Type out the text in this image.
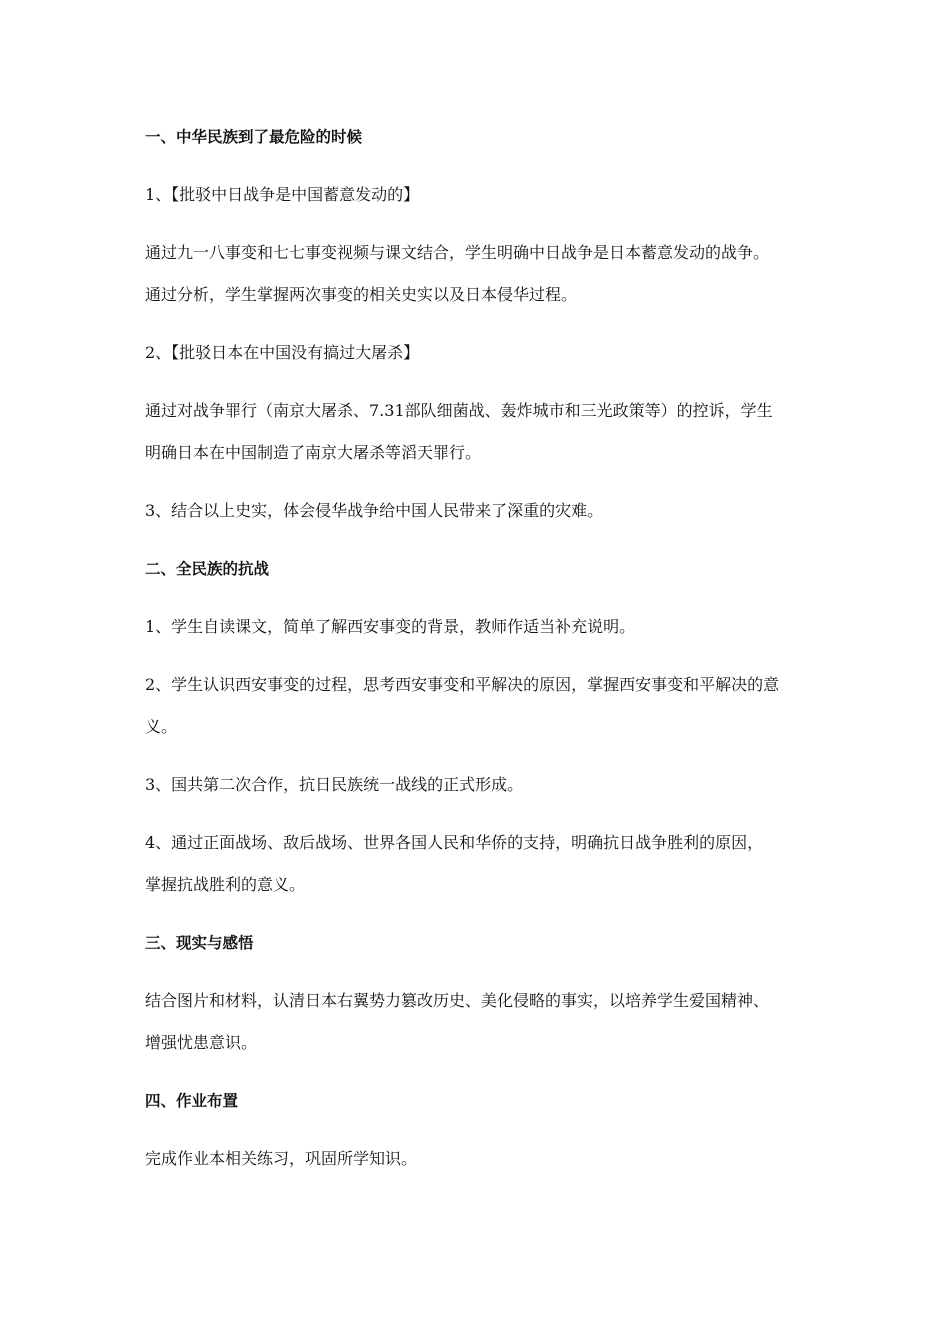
一、中华民族到了最危险的时候
1、【批驳中日战争是中国蓄意发动的】
通过九一八事变和七七事变视频与课文结合，学生明确中日战争是日本蓄意发动的战争。
通过分析，学生掌握两次事变的相关史实以及日本侵华过程。
2、【批驳日本在中国没有搞过大屠杀】
通过对战争罪行（南京大屠杀、7.31部队细菌战、轰炸城市和三光政策等）的控诉，学生
明确日本在中国制造了南京大屠杀等滔天罪行。
3、结合以上史实，体会侵华战争给中国人民带来了深重的灾难。
二、全民族的抗战
1、学生自读课文，简单了解西安事变的背景，教师作适当补充说明。
2、学生认识西安事变的过程，思考西安事变和平解决的原因，掌握西安事变和平解决的意
义。
3、国共第二次合作，抗日民族统一战线的正式形成。
4、通过正面战场、敌后战场、世界各国人民和华侨的支持，明确抗日战争胜利的原因，
掌握抗战胜利的意义。
三、现实与感悟
结合图片和材料，认清日本右翼势力篡改历史、美化侵略的事实，以培养学生爱国精神、
增强忧患意识。
四、作业布置
完成作业本相关练习，巩固所学知识。
